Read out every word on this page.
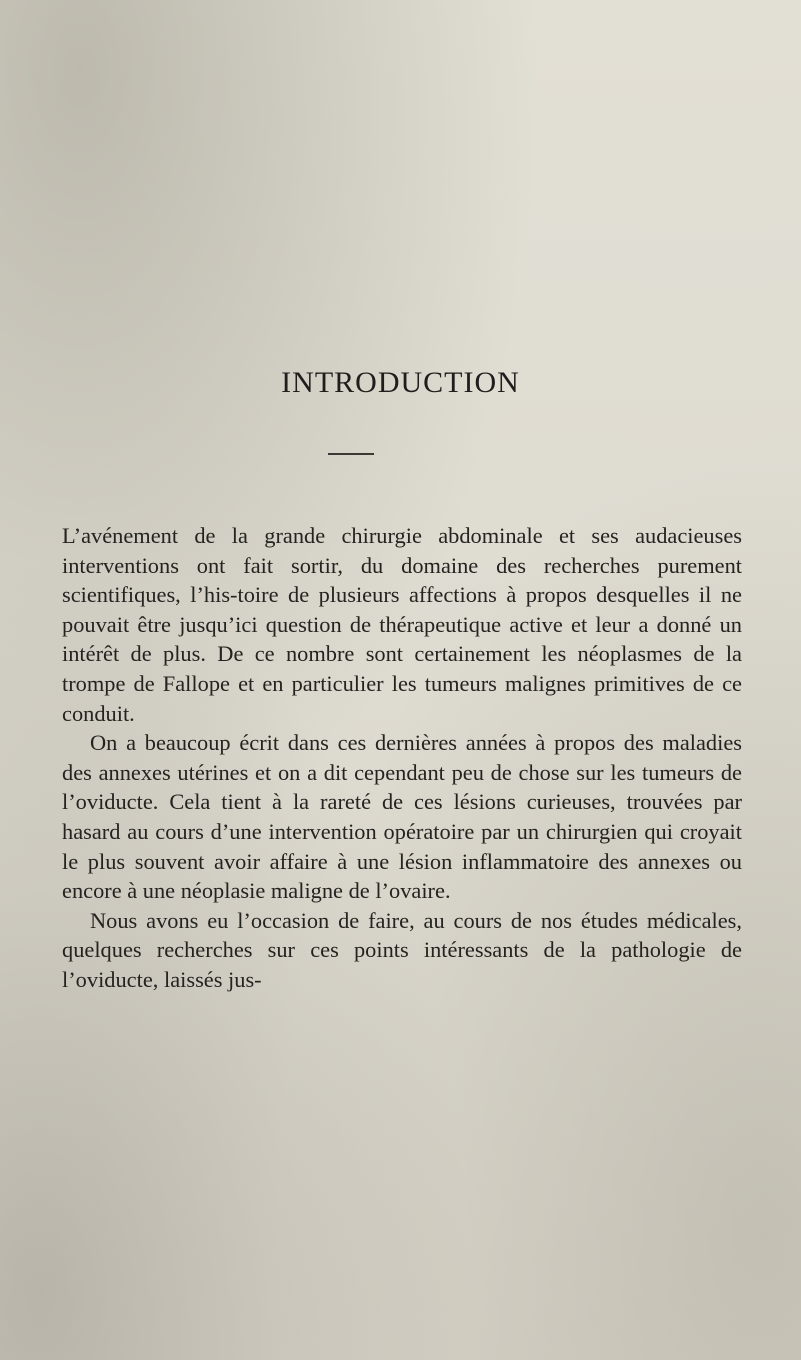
INTRODUCTION

L’avénement de la grande chirurgie abdominale et ses audacieuses interventions ont fait sortir, du domaine des recherches purement scientifiques, l’his-toire de plusieurs affections à propos desquelles il ne pouvait être jusqu’ici question de thérapeutique active et leur a donné un intérêt de plus. De ce nombre sont certainement les néoplasmes de la trompe de Fallope et en particulier les tumeurs malignes primitives de ce conduit.

On a beaucoup écrit dans ces dernières années à propos des maladies des annexes utérines et on a dit cependant peu de chose sur les tumeurs de l’oviducte. Cela tient à la rareté de ces lésions curieuses, trouvées par hasard au cours d’une intervention opératoire par un chirurgien qui croyait le plus souvent avoir affaire à une lésion inflammatoire des annexes ou encore à une néoplasie maligne de l’ovaire.

Nous avons eu l’occasion de faire, au cours de nos études médicales, quelques recherches sur ces points intéressants de la pathologie de l’oviducte, laissés jus-
